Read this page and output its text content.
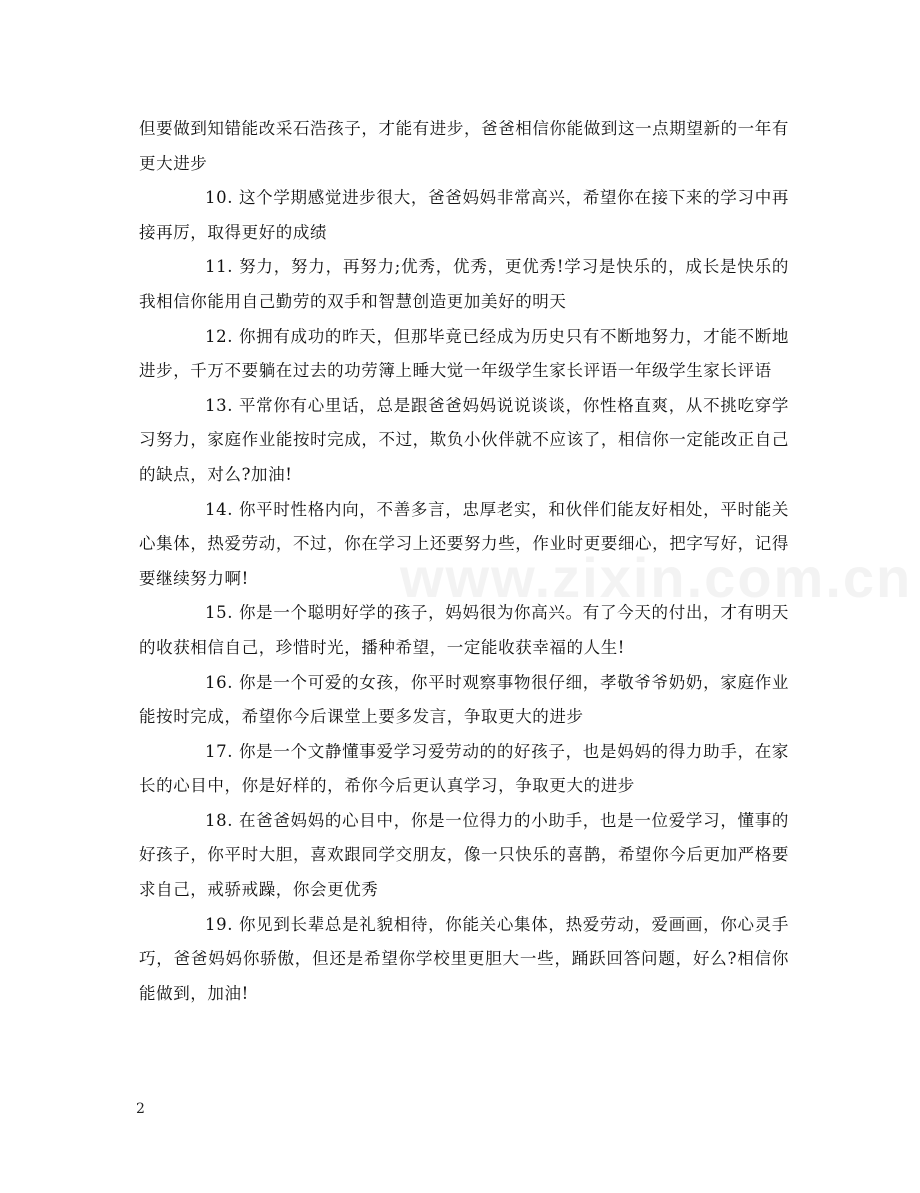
www.zixin.com.cn

但要做到知错能改采石浩孩子，才能有进步，爸爸相信你能做到这一点期望新的一年有更大进步

10. 这个学期感觉进步很大，爸爸妈妈非常高兴，希望你在接下来的学习中再接再厉，取得更好的成绩

11. 努力，努力，再努力;优秀，优秀，更优秀!学习是快乐的，成长是快乐的我相信你能用自己勤劳的双手和智慧创造更加美好的明天

12. 你拥有成功的昨天，但那毕竟已经成为历史只有不断地努力，才能不断地进步，千万不要躺在过去的功劳簿上睡大觉一年级学生家长评语一年级学生家长评语

13. 平常你有心里话，总是跟爸爸妈妈说说谈谈，你性格直爽，从不挑吃穿学习努力，家庭作业能按时完成，不过，欺负小伙伴就不应该了，相信你一定能改正自己的缺点，对么?加油!

14. 你平时性格内向，不善多言，忠厚老实，和伙伴们能友好相处，平时能关心集体，热爱劳动，不过，你在学习上还要努力些，作业时更要细心，把字写好，记得要继续努力啊!

15. 你是一个聪明好学的孩子，妈妈很为你高兴。有了今天的付出，才有明天的收获相信自己，珍惜时光，播种希望，一定能收获幸福的人生!

16. 你是一个可爱的女孩，你平时观察事物很仔细，孝敬爷爷奶奶，家庭作业能按时完成，希望你今后课堂上要多发言，争取更大的进步

17. 你是一个文静懂事爱学习爱劳动的的好孩子，也是妈妈的得力助手，在家长的心目中，你是好样的，希你今后更认真学习，争取更大的进步

18. 在爸爸妈妈的心目中，你是一位得力的小助手，也是一位爱学习，懂事的好孩子，你平时大胆，喜欢跟同学交朋友，像一只快乐的喜鹊，希望你今后更加严格要求自己，戒骄戒躁，你会更优秀

19. 你见到长辈总是礼貌相待，你能关心集体，热爱劳动，爱画画，你心灵手巧，爸爸妈妈你骄傲，但还是希望你学校里更胆大一些，踊跃回答问题，好么?相信你能做到，加油!

2
